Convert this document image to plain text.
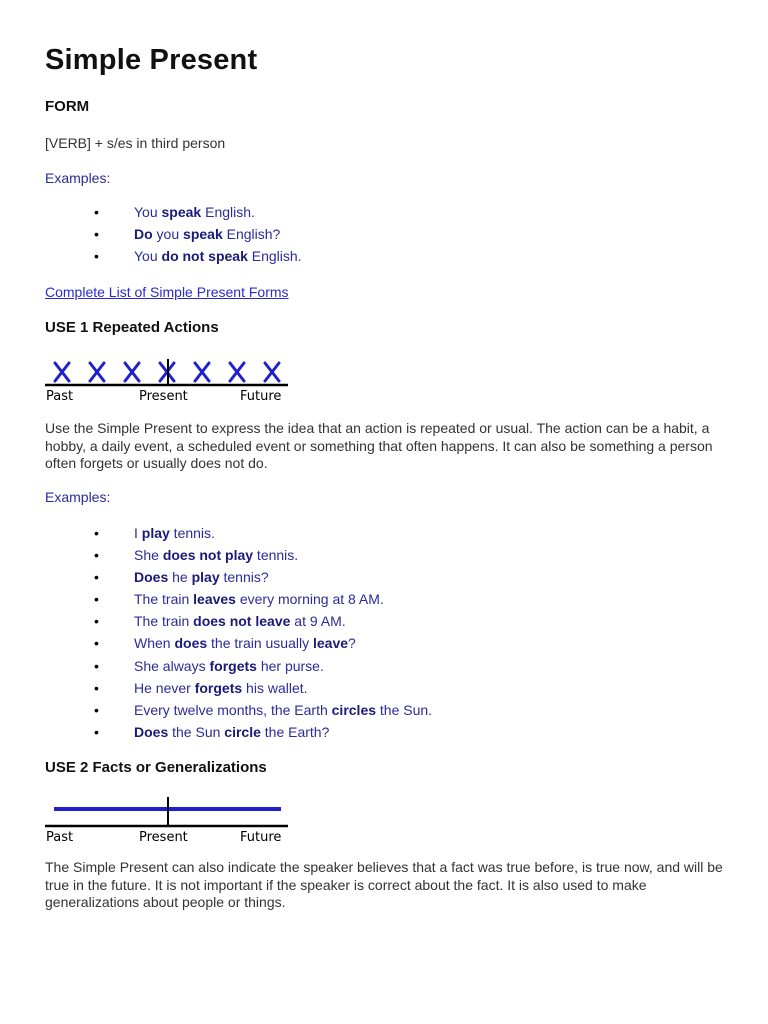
Simple Present
FORM
[VERB] + s/es in third person
Examples:
•	You speak English.
•	Do you speak English?
•	You do not speak English.
Complete List of Simple Present Forms
USE 1 Repeated Actions
Past	Present	Future
Use the Simple Present to express the idea that an action is repeated or usual. The action can be a habit, a hobby, a daily event, a scheduled event or something that often happens. It can also be something a person often forgets or usually does not do.
Examples:
•	I play tennis.
•	She does not play tennis.
•	Does he play tennis?
•	The train leaves every morning at 8 AM.
•	The train does not leave at 9 AM.
•	When does the train usually leave?
•	She always forgets her purse.
•	He never forgets his wallet.
•	Every twelve months, the Earth circles the Sun.
•	Does the Sun circle the Earth?
USE 2 Facts or Generalizations
Past	Present	Future
The Simple Present can also indicate the speaker believes that a fact was true before, is true now, and will be true in the future. It is not important if the speaker is correct about the fact. It is also used to make generalizations about people or things.
